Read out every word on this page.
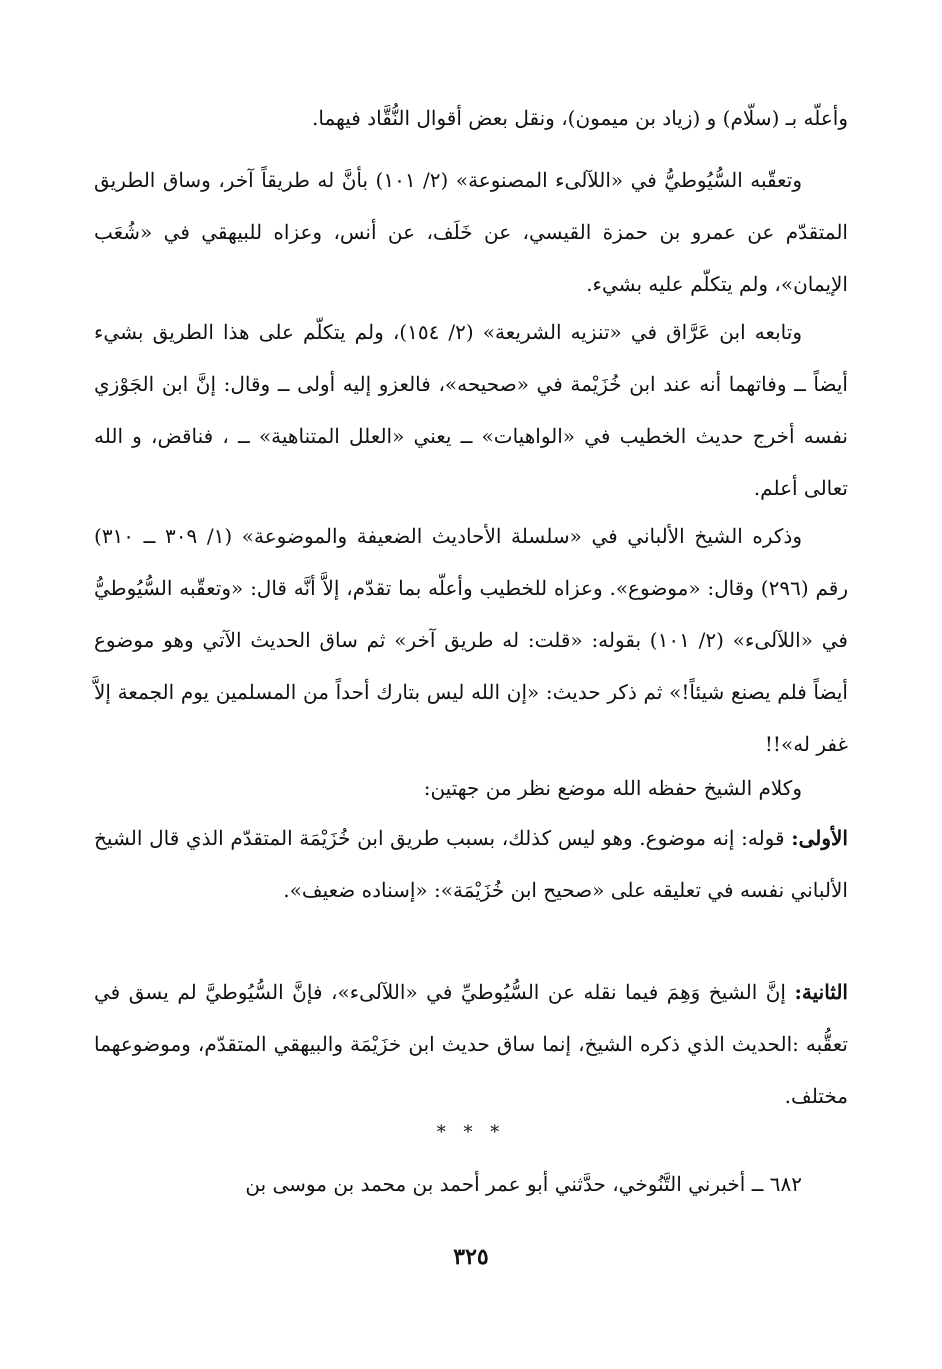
وأعلّه بـ (سلّام) و (زياد بن ميمون)، ونقل بعض أقوال النُّقَّاد فيهما.

وتعقّبه السُّيُوطيُّ في «اللآلىء المصنوعة» (٢/ ١٠١) بأنَّ له طريقاً آخر، وساق الطريق المتقدّم عن عمرو بن حمزة القيسي، عن خَلَف، عن أنس، وعزاه للبيهقي في «شُعَب الإيمان»، ولم يتكلّم عليه بشيء.

وتابعه ابن عَرَّاق في «تنزيه الشريعة» (٢/ ١٥٤)، ولم يتكلّم على هذا الطريق بشيء أيضاً ــ وفاتهما أنه عند ابن خُزَيْمة في «صحيحه»، فالعزو إليه أولى ــ وقال: إنَّ ابن الجَوْزي نفسه أخرج حديث الخطيب في «الواهيات» ــ يعني «العلل المتناهية» ــ ، فناقض، و الله تعالى أعلم.

وذكره الشيخ الألباني في «سلسلة الأحاديث الضعيفة والموضوعة» (١/ ٣٠٩ ــ ٣١٠) رقم (٢٩٦) وقال: «موضوع». وعزاه للخطيب وأعلّه بما تقدّم، إلاَّ أنَّه قال: «وتعقّبه السُّيُوطيُّ في «اللآلىء» (٢/ ١٠١) بقوله: «قلت: له طريق آخر» ثم ساق الحديث الآتي وهو موضوع أيضاً فلم يصنع شيئاً!» ثم ذكر حديث: «إن الله ليس بتارك أحداً من المسلمين يوم الجمعة إلاَّ غفر له»!!

وكلام الشيخ حفظه الله موضع نظر من جهتين:

الأولى: قوله: إنه موضوع. وهو ليس كذلك، بسبب طريق ابن خُزَيْمَة المتقدّم الذي قال الشيخ الألباني نفسه في تعليقه على «صحيح ابن خُزَيْمَة»: «إسناده ضعيف».

الثانية: إنَّ الشيخ وَهِمَ فيما نقله عن السُّيُوطيِّ في «اللآلىء»، فإنَّ السُّيُوطيَّ لم يسق في تعقُّبه :الحديث الذي ذكره الشيخ، إنما ساق حديث ابن خزَيْمَة والبيهقي المتقدّم، وموضوعهما مختلف.

* * *

٦٨٢ ــ أخبرني التَّنُوخي، حدَّثني أبو عمر أحمد بن محمد بن موسى بن

٣٢٥
